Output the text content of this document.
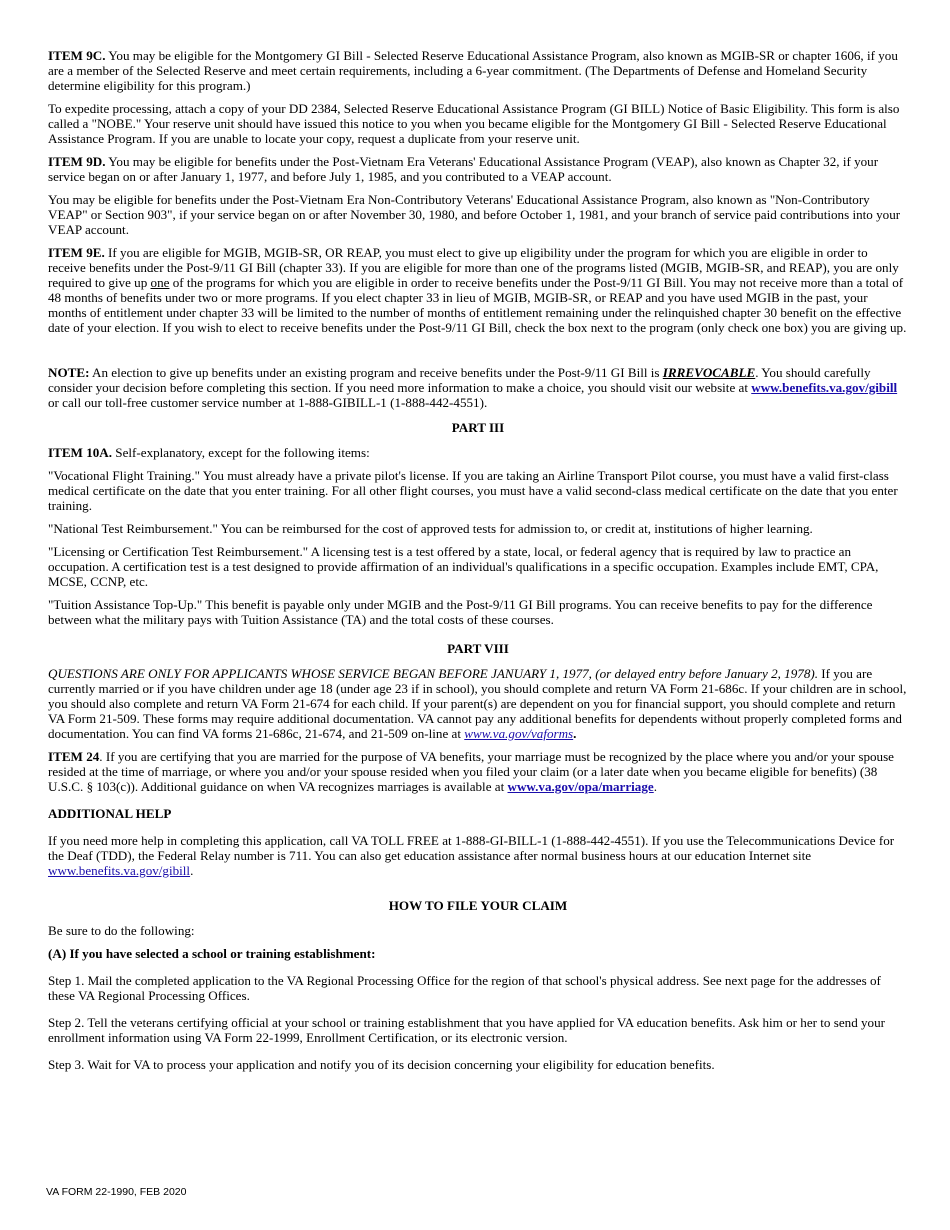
ITEM 9C. You may be eligible for the Montgomery GI Bill - Selected Reserve Educational Assistance Program, also known as MGIB-SR or chapter 1606, if you are a member of the Selected Reserve and meet certain requirements, including a 6-year commitment. (The Departments of Defense and Homeland Security determine eligibility for this program.)

To expedite processing, attach a copy of your DD 2384, Selected Reserve Educational Assistance Program (GI BILL) Notice of Basic Eligibility. This form is also called a "NOBE." Your reserve unit should have issued this notice to you when you became eligible for the Montgomery GI Bill - Selected Reserve Educational Assistance Program. If you are unable to locate your copy, request a duplicate from your reserve unit.

ITEM 9D. You may be eligible for benefits under the Post-Vietnam Era Veterans' Educational Assistance Program (VEAP), also known as Chapter 32, if your service began on or after January 1, 1977, and before July 1, 1985, and you contributed to a VEAP account.

You may be eligible for benefits under the Post-Vietnam Era Non-Contributory Veterans' Educational Assistance Program, also known as "Non-Contributory VEAP" or Section 903", if your service began on or after November 30, 1980, and before October 1, 1981, and your branch of service paid contributions into your VEAP account.

ITEM 9E. If you are eligible for MGIB, MGIB-SR, OR REAP, you must elect to give up eligibility under the program for which you are eligible in order to receive benefits under the Post-9/11 GI Bill (chapter 33). If you are eligible for more than one of the programs listed (MGIB, MGIB-SR, and REAP), you are only required to give up one of the programs for which you are eligible in order to receive benefits under the Post-9/11 GI Bill. You may not receive more than a total of 48 months of benefits under two or more programs. If you elect chapter 33 in lieu of MGIB, MGIB-SR, or REAP and you have used MGIB in the past, your months of entitlement under chapter 33 will be limited to the number of months of entitlement remaining under the relinquished chapter 30 benefit on the effective date of your election. If you wish to elect to receive benefits under the Post-9/11 GI Bill, check the box next to the program (only check one box) you are giving up.

NOTE: An election to give up benefits under an existing program and receive benefits under the Post-9/11 GI Bill is IRREVOCABLE. You should carefully consider your decision before completing this section. If you need more information to make a choice, you should visit our website at www.benefits.va.gov/gibill or call our toll-free customer service number at 1-888-GIBILL-1 (1-888-442-4551).

PART III

ITEM 10A. Self-explanatory, except for the following items:

"Vocational Flight Training." You must already have a private pilot's license. If you are taking an Airline Transport Pilot course, you must have a valid first-class medical certificate on the date that you enter training. For all other flight courses, you must have a valid second-class medical certificate on the date that you enter training.

"National Test Reimbursement." You can be reimbursed for the cost of approved tests for admission to, or credit at, institutions of higher learning.

"Licensing or Certification Test Reimbursement." A licensing test is a test offered by a state, local, or federal agency that is required by law to practice an occupation. A certification test is a test designed to provide affirmation of an individual's qualifications in a specific occupation. Examples include EMT, CPA, MCSE, CCNP, etc.

"Tuition Assistance Top-Up." This benefit is payable only under MGIB and the Post-9/11 GI Bill programs. You can receive benefits to pay for the difference between what the military pays with Tuition Assistance (TA) and the total costs of these courses.

PART VIII

QUESTIONS ARE ONLY FOR APPLICANTS WHOSE SERVICE BEGAN BEFORE JANUARY 1, 1977, (or delayed entry before January 2, 1978). If you are currently married or if you have children under age 18 (under age 23 if in school), you should complete and return VA Form 21-686c. If your children are in school, you should also complete and return VA Form 21-674 for each child. If your parent(s) are dependent on you for financial support, you should complete and return VA Form 21-509. These forms may require additional documentation. VA cannot pay any additional benefits for dependents without properly completed forms and documentation. You can find VA forms 21-686c, 21-674, and 21-509 on-line at www.va.gov/vaforms.

ITEM 24. If you are certifying that you are married for the purpose of VA benefits, your marriage must be recognized by the place where you and/or your spouse resided at the time of marriage, or where you and/or your spouse resided when you filed your claim (or a later date when you became eligible for benefits) (38 U.S.C. § 103(c)). Additional guidance on when VA recognizes marriages is available at www.va.gov/opa/marriage.

ADDITIONAL HELP

If you need more help in completing this application, call VA TOLL FREE at 1-888-GI-BILL-1 (1-888-442-4551). If you use the Telecommunications Device for the Deaf (TDD), the Federal Relay number is 711. You can also get education assistance after normal business hours at our education Internet site www.benefits.va.gov/gibill.

HOW TO FILE YOUR CLAIM

Be sure to do the following:

(A) If you have selected a school or training establishment:

Step 1. Mail the completed application to the VA Regional Processing Office for the region of that school's physical address. See next page for the addresses of these VA Regional Processing Offices.

Step 2. Tell the veterans certifying official at your school or training establishment that you have applied for VA education benefits. Ask him or her to send your enrollment information using VA Form 22-1999, Enrollment Certification, or its electronic version.

Step 3. Wait for VA to process your application and notify you of its decision concerning your eligibility for education benefits.

VA FORM 22-1990, FEB 2020
